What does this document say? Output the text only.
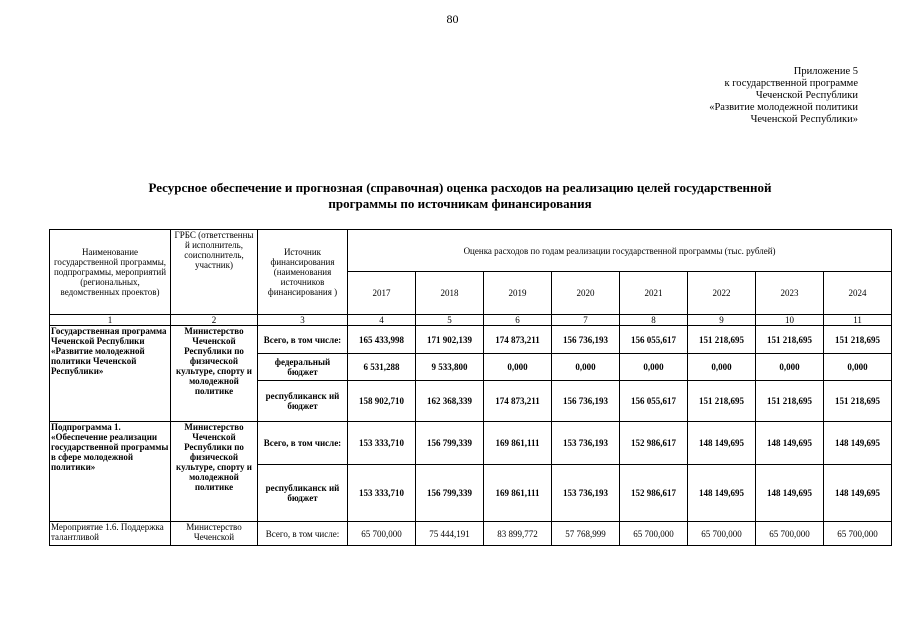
80
Приложение 5
к государственной программе
Чеченской Республики
«Развитие молодежной политики
Чеченской Республики»
Ресурсное обеспечение и прогнозная (справочная) оценка расходов на реализацию целей государственной
программы по источникам финансирования
Наименование государственной программы, подпрограммы, мероприятий (региональных, ведомственных проектов)	ГРБС (ответственны й исполнитель, соисполнитель, участник)	Источник финансирования (наименования источников финансирования )	Оценка расходов по годам реализации государственной программы (тыс. рублей)							
			2017	2018	2019	2020	2021	2022	2023	2024
1	2	3	4	5	6	7	8	9	10	11
Государственная программа Чеченской Республики «Развитие молодежной политики Чеченской Республики»	Министерство Чеченской Республики по физической культуре, спорту и молодежной политике	Всего, в том числе:	165 433,998	171 902,139	174 873,211	156 736,193	156 055,617	151 218,695	151 218,695	151 218,695
		федеральный бюджет	6 531,288	9 533,800	0,000	0,000	0,000	0,000	0,000	0,000
		республиканск ий бюджет	158 902,710	162 368,339	174 873,211	156 736,193	156 055,617	151 218,695	151 218,695	151 218,695
Подпрограмма 1. «Обеспечение реализации государственной программы в сфере молодежной политики»	Министерство Чеченской Республики по физической культуре, спорту и молодежной политике	Всего, в том числе:	153 333,710	156 799,339	169 861,111	153 736,193	152 986,617	148 149,695	148 149,695	148 149,695
		республиканск ий бюджет	153 333,710	156 799,339	169 861,111	153 736,193	152 986,617	148 149,695	148 149,695	148 149,695
Мероприятие 1.6. Поддержка талантливой	Министерство Чеченской	Всего, в том числе:	65 700,000	75 444,191	83 899,772	57 768,999	65 700,000	65 700,000	65 700,000	65 700,000
